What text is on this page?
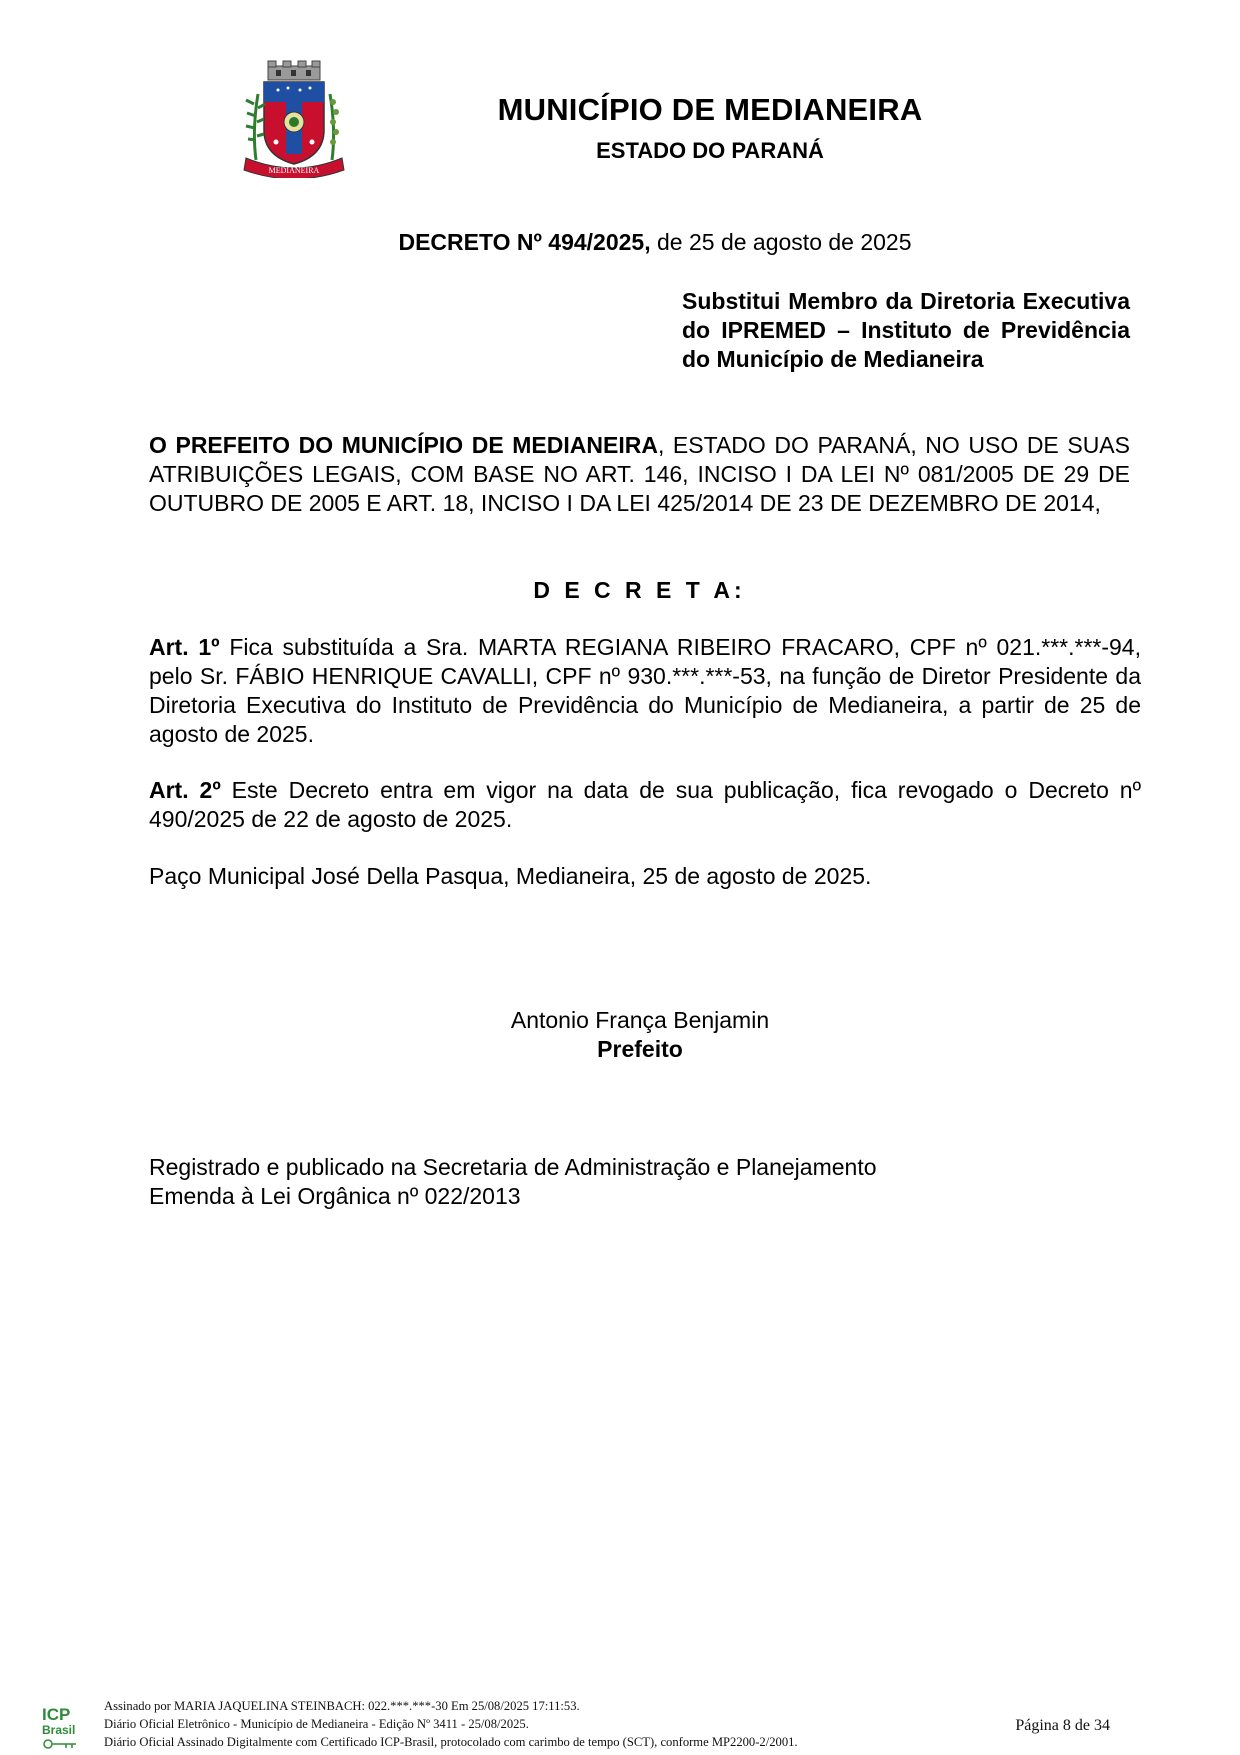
MEDIANEIRA
MUNICÍPIO DE MEDIANEIRA
ESTADO DO PARANÁ
DECRETO Nº 494/2025, de 25 de agosto de 2025
Substitui Membro da Diretoria Executiva do IPREMED – Instituto de Previdência do Município de Medianeira
O PREFEITO DO MUNICÍPIO DE MEDIANEIRA, ESTADO DO PARANÁ, NO USO DE SUAS ATRIBUIÇÕES LEGAIS, COM BASE NO ART. 146, INCISO I DA LEI Nº 081/2005 DE 29 DE OUTUBRO DE 2005 E ART. 18, INCISO I DA LEI 425/2014 DE 23 DE DEZEMBRO DE 2014,
D E C R E T A:
Art. 1º Fica substituída a Sra. MARTA REGIANA RIBEIRO FRACARO, CPF nº 021.***.***-94, pelo Sr. FÁBIO HENRIQUE CAVALLI, CPF nº 930.***.***-53, na função de Diretor Presidente da Diretoria Executiva do Instituto de Previdência do Município de Medianeira, a partir de 25 de agosto de 2025.
Art. 2º Este Decreto entra em vigor na data de sua publicação, fica revogado o Decreto nº 490/2025 de 22 de agosto de 2025.
Paço Municipal José Della Pasqua, Medianeira, 25 de agosto de 2025.
Antonio França Benjamin
Prefeito
Registrado e publicado na Secretaria de Administração e Planejamento
Emenda à Lei Orgânica nº 022/2013
ICP
Brasil
Assinado por MARIA JAQUELINA STEINBACH: 022.***.***-30 Em 25/08/2025 17:11:53.
Diário Oficial Eletrônico - Município de Medianeira - Edição Nº 3411 - 25/08/2025.
Diário Oficial Assinado Digitalmente com Certificado ICP-Brasil, protocolado com carimbo de tempo (SCT), conforme MP2200-2/2001.
Página 8 de 34
